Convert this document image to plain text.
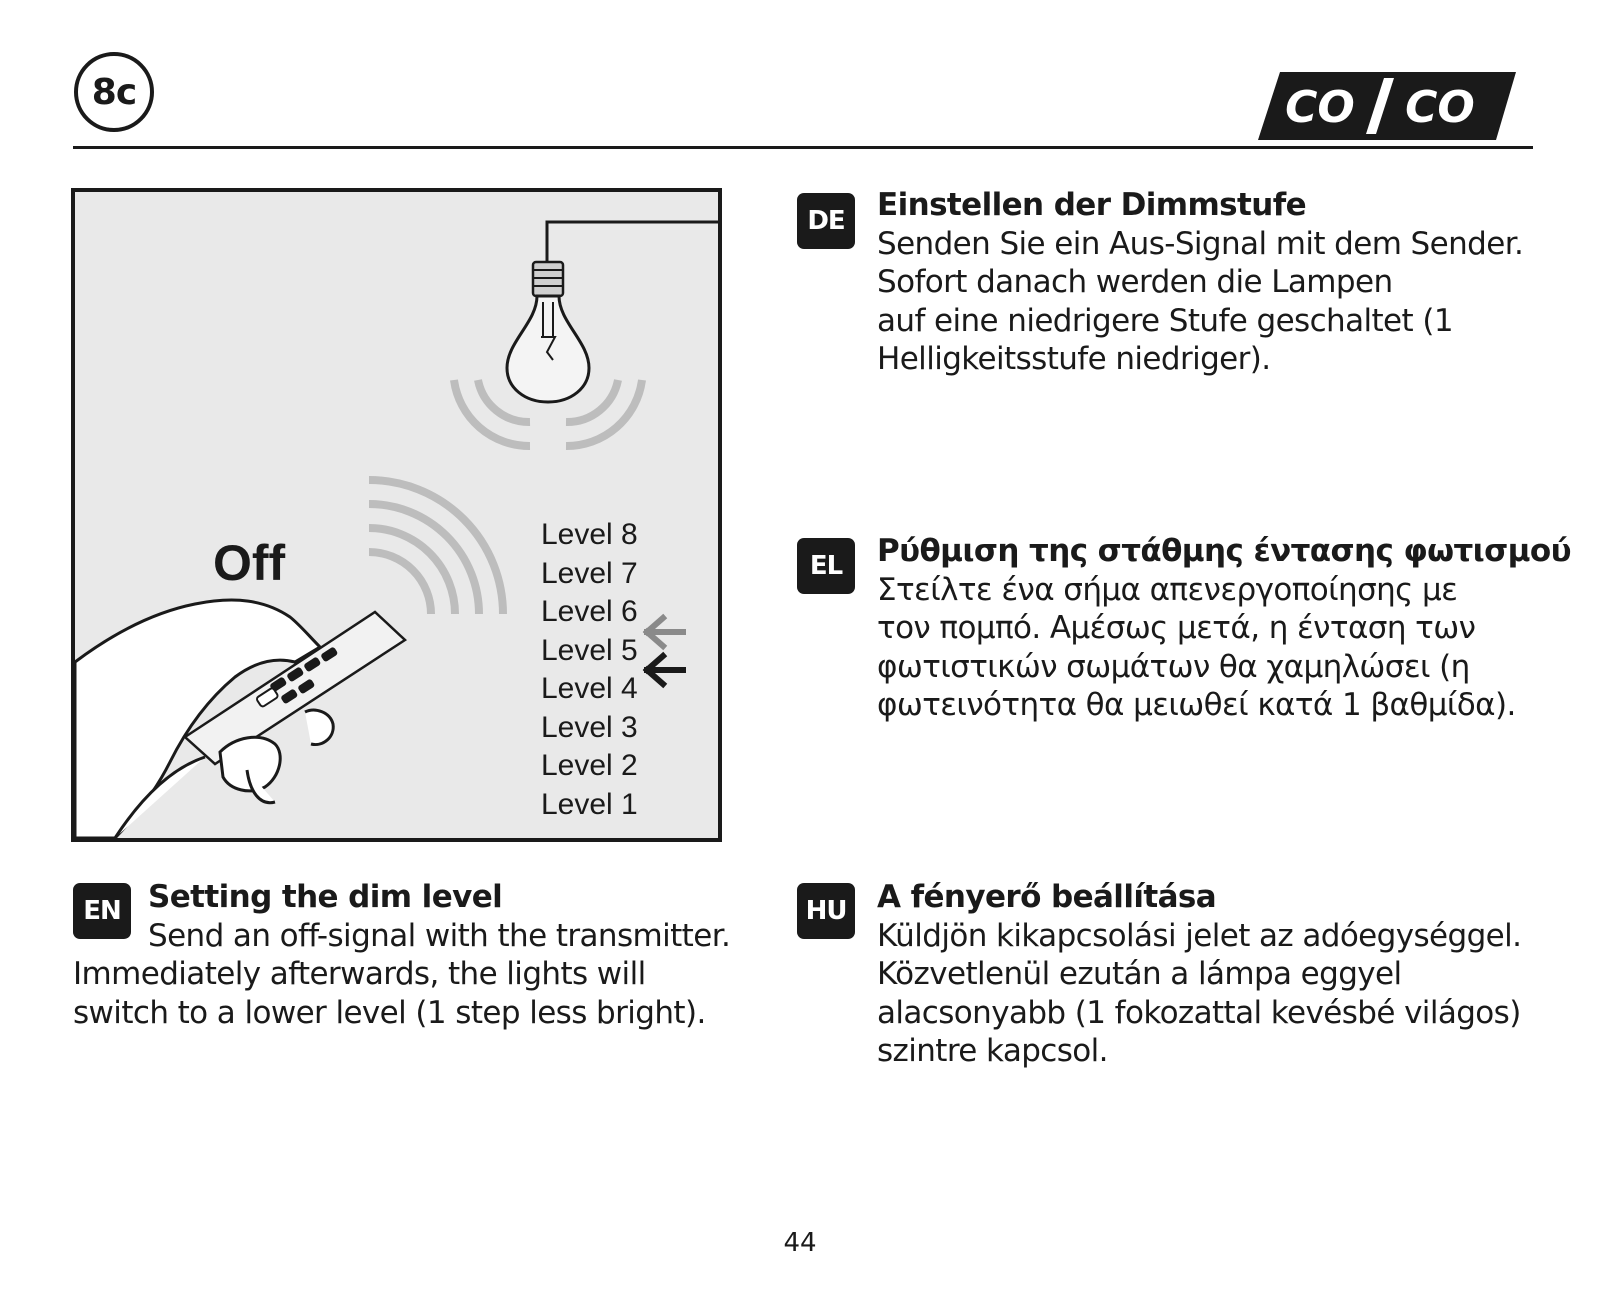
8c	CO CO
Off
Level 8
Level 7
Level 6
Level 5
Level 4
Level 3
Level 2
Level 1
DE	Einstellen der Dimmstufe
Senden Sie ein Aus-Signal mit dem Sender.
Sofort danach werden die Lampen
auf eine niedrigere Stufe geschaltet (1
Helligkeitsstufe niedriger).
EL	Ρύθμιση της στάθμης έντασης φωτισμού
Στείλτε ένα σήμα απενεργοποίησης με
τον πομπό. Αμέσως μετά, η ένταση των
φωτιστικών σωμάτων θα χαμηλώσει (η
φωτεινότητα θα μειωθεί κατά 1 βαθμίδα).
EN Setting the dim level
Send an off-signal with the transmitter.
Immediately afterwards, the lights will
switch to a lower level (1 step less bright).
HU A fényerő beállítása
Küldjön kikapcsolási jelet az adóegységgel.
Közvetlenül ezután a lámpa eggyel
alacsonyabb (1 fokozattal kevésbé világos)
szintre kapcsol.
44
